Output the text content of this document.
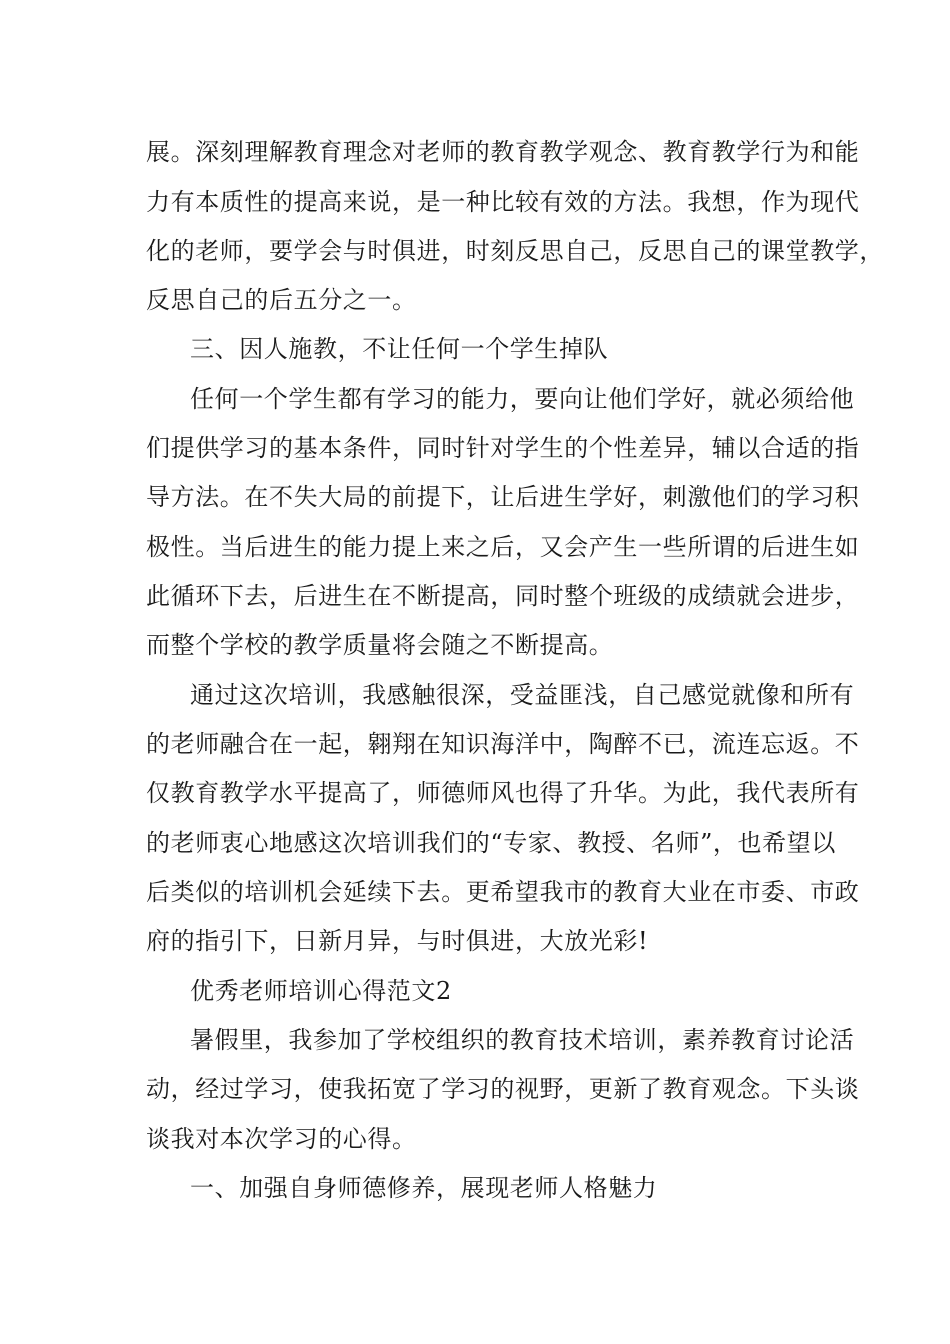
展。深刻理解教育理念对老师的教育教学观念、教育教学行为和能
力有本质性的提高来说，是一种比较有效的方法。我想，作为现代
化的老师，要学会与时俱进，时刻反思自己，反思自己的课堂教学，
反思自己的后五分之一。
三、因人施教，不让任何一个学生掉队
任何一个学生都有学习的能力，要向让他们学好，就必须给他
们提供学习的基本条件，同时针对学生的个性差异，辅以合适的指
导方法。在不失大局的前提下，让后进生学好，刺激他们的学习积
极性。当后进生的能力提上来之后，又会产生一些所谓的后进生如
此循环下去，后进生在不断提高，同时整个班级的成绩就会进步，
而整个学校的教学质量将会随之不断提高。
通过这次培训，我感触很深，受益匪浅，自己感觉就像和所有
的老师融合在一起，翱翔在知识海洋中，陶醉不已，流连忘返。不
仅教育教学水平提高了，师德师风也得了升华。为此，我代表所有
的老师衷心地感这次培训我们的“专家、教授、名师”，也希望以
后类似的培训机会延续下去。更希望我市的教育大业在市委、市政
府的指引下，日新月异，与时俱进，大放光彩!
优秀老师培训心得范文2
暑假里，我参加了学校组织的教育技术培训，素养教育讨论活
动，经过学习，使我拓宽了学习的视野，更新了教育观念。下头谈
谈我对本次学习的心得。
一、加强自身师德修养，展现老师人格魅力
